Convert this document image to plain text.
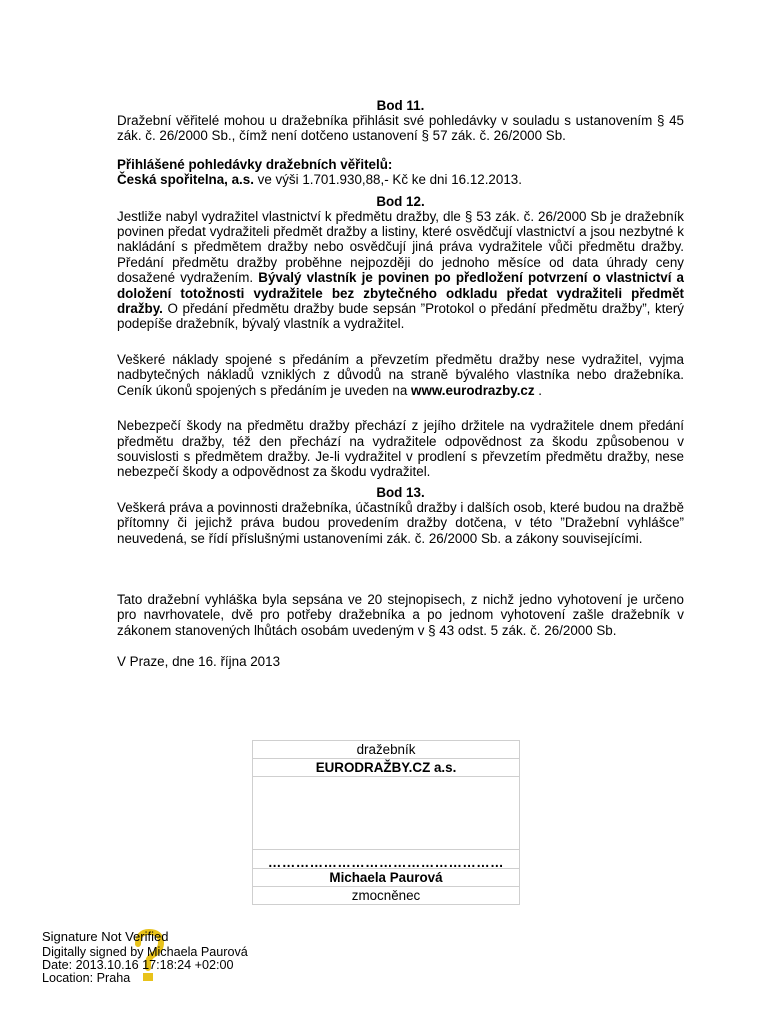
Bod 11.

Dražební věřitelé mohou u dražebníka přihlásit své pohledávky v souladu s ustanovením § 45 zák. č. 26/2000 Sb., čímž není dotčeno ustanovení § 57 zák. č. 26/2000 Sb.

Přihlášené pohledávky dražebních věřitelů:
Česká spořitelna, a.s. ve výši 1.701.930,88,- Kč ke dni 16.12.2013.

Bod 12.

Jestliže nabyl vydražitel vlastnictví k předmětu dražby, dle § 53 zák. č. 26/2000 Sb je dražebník povinen předat vydražiteli předmět dražby a listiny, které osvědčují vlastnictví a jsou nezbytné k nakládání s předmětem dražby nebo osvědčují jiná práva vydražitele vůči předmětu dražby. Předání předmětu dražby proběhne nejpozději do jednoho měsíce od data úhrady ceny dosažené vydražením. Bývalý vlastník je povinen po předložení potvrzení o vlastnictví a doložení totožnosti vydražitele bez zbytečného odkladu předat vydražiteli předmět dražby. O předání předmětu dražby bude sepsán ”Protokol o předání předmětu dražby”, který podepíše dražebník, bývalý vlastník a vydražitel.

Veškeré náklady spojené s předáním a převzetím předmětu dražby nese vydražitel, vyjma nadbytečných nákladů vzniklých z důvodů na straně bývalého vlastníka nebo dražebníka. Ceník úkonů spojených s předáním je uveden na www.eurodrazby.cz .

Nebezpečí škody na předmětu dražby přechází z jejího držitele na vydražitele dnem předání předmětu dražby, též den přechází na vydražitele odpovědnost za škodu způsobenou v souvislosti s předmětem dražby. Je-li vydražitel v prodlení s převzetím předmětu dražby, nese nebezpečí škody a odpovědnost za škodu vydražitel.

Bod 13.

Veškerá práva a povinnosti dražebníka, účastníků dražby i dalších osob, které budou na dražbě přítomny či jejichž práva budou provedením dražby dotčena, v této ”Dražební vyhlášce” neuvedená, se řídí příslušnými ustanoveními zák. č. 26/2000 Sb. a zákony souvisejícími.

Tato dražební vyhláška byla sepsána ve 20 stejnopisech, z nichž jedno vyhotovení je určeno pro navrhovatele, dvě pro potřeby dražebníka a po jednom vyhotovení zašle dražebník v zákonem stanovených lhůtách osobám uvedeným v § 43 odst. 5 zák. č. 26/2000 Sb.

V Praze, dne 16. října 2013

dražebník
EURODRAŽBY.CZ a.s.

……………………………………………
Michaela Paurová
zmocněnec
Signature Not Verified
Digitally signed by Michaela Paurová
Date: 2013.10.16 17:18:24 +02:00
Location: Praha
